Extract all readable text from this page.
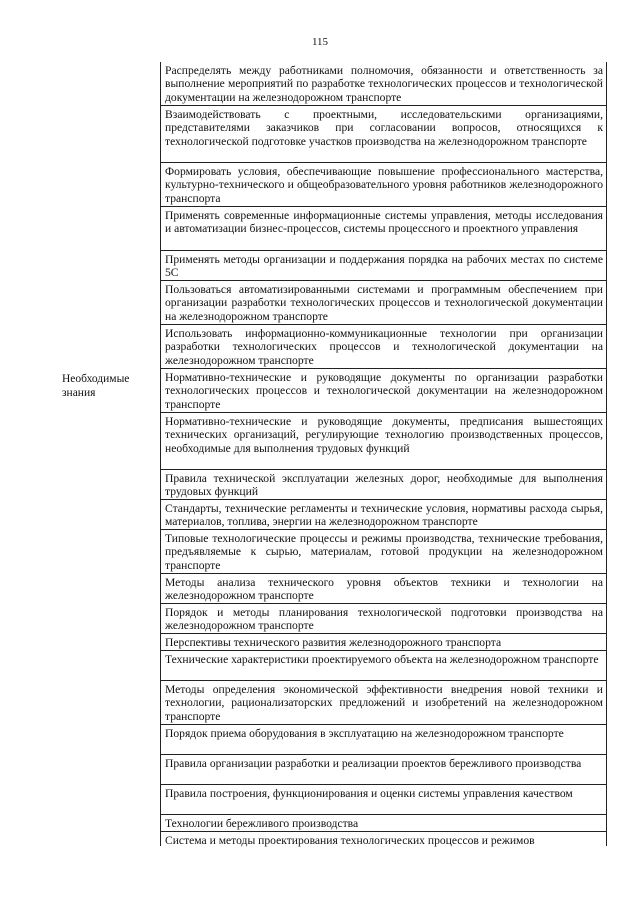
115
Необходимые знания
Распределять между работниками полномочия, обязанности и ответственность за выполнение мероприятий по разработке технологических процессов и технологической документации на железнодорожном транспорте
Взаимодействовать с проектными, исследовательскими организациями, представителями заказчиков при согласовании вопросов, относящихся к технологической подготовке участков производства на железнодорожном транспорте
Формировать условия, обеспечивающие повышение профессионального мастерства, культурно-технического и общеобразовательного уровня работников железнодорожного транспорта
Применять современные информационные системы управления, методы исследования и автоматизации бизнес-процессов, системы процессного и проектного управления
Применять методы организации и поддержания порядка на рабочих местах по системе 5С
Пользоваться автоматизированными системами и программным обеспечением при организации разработки технологических процессов и технологической документации на железнодорожном транспорте
Использовать информационно-коммуникационные технологии при организации разработки технологических процессов и технологической документации на железнодорожном транспорте
Нормативно-технические и руководящие документы по организации разработки технологических процессов и технологической документации на железнодорожном транспорте
Нормативно-технические и руководящие документы, предписания вышестоящих технических организаций, регулирующие технологию производственных процессов, необходимые для выполнения трудовых функций
Правила технической эксплуатации железных дорог, необходимые для выполнения трудовых функций
Стандарты, технические регламенты и технические условия, нормативы расхода сырья, материалов, топлива, энергии на железнодорожном транспорте
Типовые технологические процессы и режимы производства, технические требования, предъявляемые к сырью, материалам, готовой продукции на железнодорожном транспорте
Методы анализа технического уровня объектов техники и технологии на железнодорожном транспорте
Порядок и методы планирования технологической подготовки производства на железнодорожном транспорте
Перспективы технического развития железнодорожного транспорта
Технические характеристики проектируемого объекта на железнодорожном транспорте
Методы определения экономической эффективности внедрения новой техники и технологии, рационализаторских предложений и изобретений на железнодорожном транспорте
Порядок приема оборудования в эксплуатацию на железнодорожном транспорте
Правила организации разработки и реализации проектов бережливого производства
Правила построения, функционирования и оценки системы управления качеством
Технологии бережливого производства
Система и методы проектирования технологических процессов и режимов
